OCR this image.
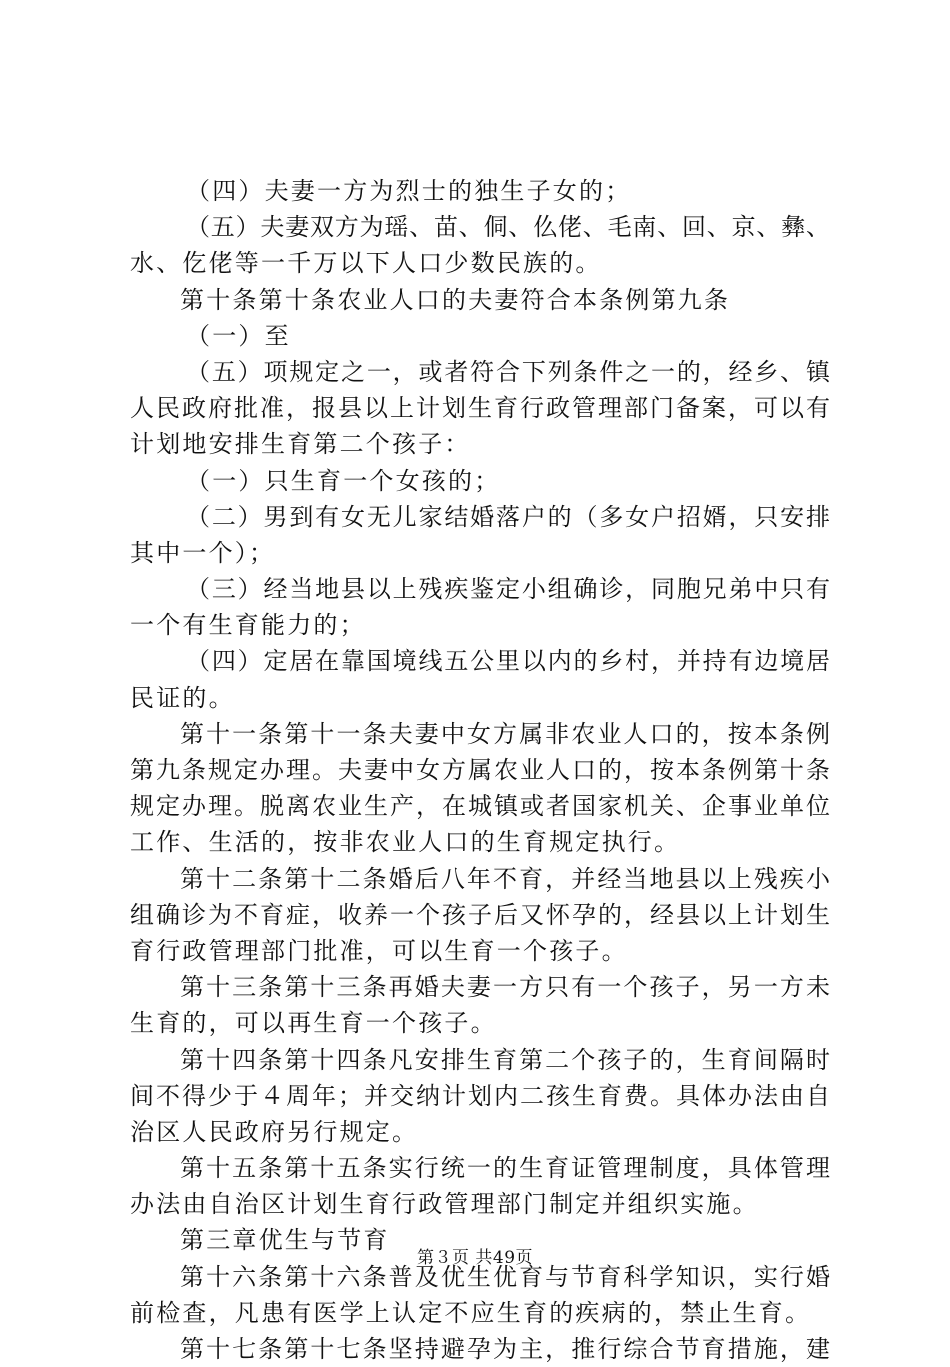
（四）夫妻一方为烈士的独生子女的；
（五）夫妻双方为瑶、苗、侗、仫佬、毛南、回、京、彝、
水、仡佬等一千万以下人口少数民族的。
第十条第十条农业人口的夫妻符合本条例第九条
（一）至
（五）项规定之一，或者符合下列条件之一的，经乡、镇
人民政府批准，报县以上计划生育行政管理部门备案，可以有
计划地安排生育第二个孩子：
（一）只生育一个女孩的；
（二）男到有女无儿家结婚落户的（多女户招婿，只安排
其中一个）；
（三）经当地县以上残疾鉴定小组确诊，同胞兄弟中只有
一个有生育能力的；
（四）定居在靠国境线五公里以内的乡村，并持有边境居
民证的。
第十一条第十一条夫妻中女方属非农业人口的，按本条例
第九条规定办理。夫妻中女方属农业人口的，按本条例第十条
规定办理。脱离农业生产，在城镇或者国家机关、企事业单位
工作、生活的，按非农业人口的生育规定执行。
第十二条第十二条婚后八年不育，并经当地县以上残疾小
组确诊为不育症，收养一个孩子后又怀孕的，经县以上计划生
育行政管理部门批准，可以生育一个孩子。
第十三条第十三条再婚夫妻一方只有一个孩子，另一方未
生育的，可以再生育一个孩子。
第十四条第十四条凡安排生育第二个孩子的，生育间隔时
间不得少于４周年；并交纳计划内二孩生育费。具体办法由自
治区人民政府另行规定。
第十五条第十五条实行统一的生育证管理制度，具体管理
办法由自治区计划生育行政管理部门制定并组织实施。
第三章优生与节育
第十六条第十六条普及优生优育与节育科学知识，实行婚
前检查，凡患有医学上认定不应生育的疾病的，禁止生育。
第十七条第十七条坚持避孕为主，推行综合节育措施，建
第３页 共49页
